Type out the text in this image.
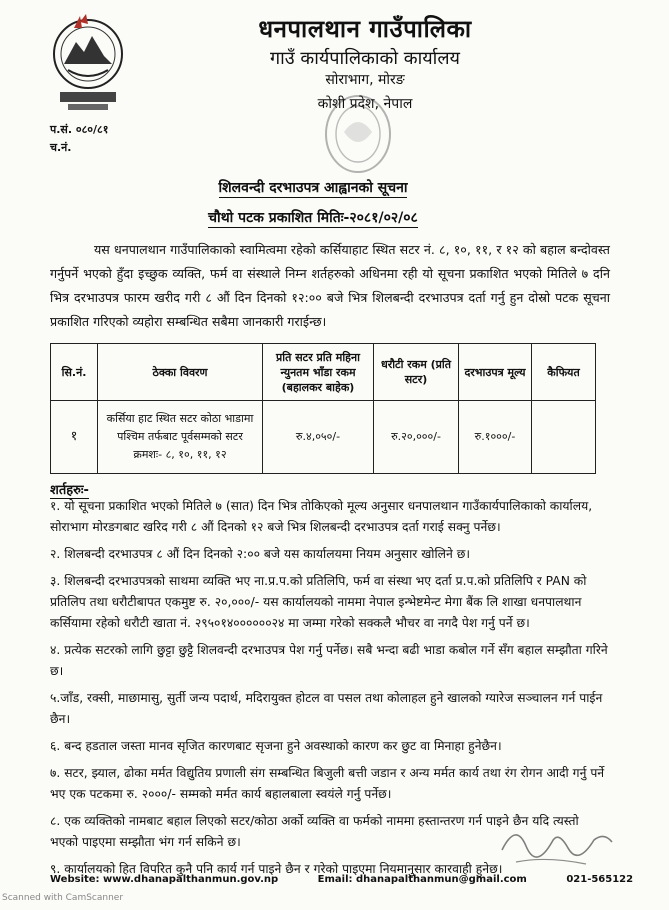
धनपालथान गाउँपालिका
गाउँ कार्यपालिकाको कार्यालय
सोराभाग, मोरङ
कोशी प्रदेश, नेपाल
प.सं. ०८०/८१
च.नं.
शिलवन्दी दरभाउपत्र आह्वानको सूचना
चौथो पटक प्रकाशित मितिः-२०८१/०२/०८
यस धनपालथान गाउँपालिकाको स्वामित्वमा रहेको कर्सियाहाट स्थित सटर नं. ८, १०, ११, र १२ को बहाल बन्दोवस्त गर्नुपर्ने भएको हुँदा इच्छुक व्यक्ति, फर्म वा संस्थाले निम्न शर्तहरुको अधिनमा रही यो सूचना प्रकाशित भएको मितिले ७ दनि भित्र दरभाउपत्र फारम खरीद गरी ८ औं दिन दिनको १२:०० बजे भित्र शिलबन्दी दरभाउपत्र दर्ता गर्नु हुन दोस्रो पटक सूचना प्रकाशित गरिएको व्यहोरा सम्बन्धित सबैमा जानकारी गराईन्छ।
सि.नं.	ठेक्का विवरण	प्रति सटर प्रति महिना न्युनतम भाँडा रकम (बहालकर बाहेक)	धरौटी रकम (प्रति सटर)	दरभाउपत्र मूल्य	कैफियत
१	कर्सिया हाट स्थित सटर कोठा भाडामा पश्चिम तर्फबाट पूर्वसम्मको सटर क्रमशः- ८, १०, ११, १२	रु.४,०५०/-	रु.२०,०००/-	रु.१०००/-	
शर्तहरुः-
१. यो सूचना प्रकाशित भएको मितिले ७ (सात) दिन भित्र तोकिएको मूल्य अनुसार धनपालथान गाउँकार्यपालिकाको कार्यालय, सोराभाग मोरङगबाट खरिद गरी ८ औं दिनको १२ बजे भित्र शिलबन्दी दरभाउपत्र दर्ता गराई सक्नु पर्नेछ।
२. शिलबन्दी दरभाउपत्र ८ औं दिन दिनको २:०० बजे यस कार्यालयमा नियम अनुसार खोलिने छ।
३. शिलबन्दी दरभाउपत्रको साथमा व्यक्ति भए ना.प्र.प.को प्रतिलिपि, फर्म वा संस्था भए दर्ता प्र.प.को प्रतिलिपि र PAN को प्रतिलिप तथा धरौटीबापत एकमुष्ट रु. २०,०००/- यस कार्यालयको नाममा नेपाल इन्भेष्टमेन्ट मेगा बैंक लि शाखा धनपालथान कर्सियामा रहेको धरौटी खाता नं. २९५०१४००००००२४ मा जम्मा गरेको सक्कलै भौचर वा नगदै पेश गर्नु पर्ने छ।
४. प्रत्येक सटरको लागि छुट्टा छुट्टै शिलवन्दी दरभाउपत्र पेश गर्नु पर्नेछ। सबै भन्दा बढी भाडा कबोल गर्ने सँग बहाल सम्झौता गरिने छ।
५.जाँड, रक्सी, माछामासु, सुर्ती जन्य पदार्थ, मदिरायुक्त होटल वा पसल तथा कोलाहल हुने खालको ग्यारेज सञ्चालन गर्न पाईन छैन।
६. बन्द हडताल जस्ता मानव सृजित कारणबाट सृजना हुने अवस्थाको कारण कर छुट वा मिनाहा हुनेछैन।
७. सटर, झ्याल, ढोका मर्मत विद्युतिय प्रणाली संग सम्बन्धित बिजुली बत्ती जडान र अन्य मर्मत कार्य तथा रंग रोगन आदी गर्नु पर्ने भए एक पटकमा रु. २०००/- सम्मको मर्मत कार्य बहालबाला स्वयंले गर्नु पर्नेछ।
८. एक व्यक्तिको नामबाट बहाल लिएको सटर/कोठा अर्को व्यक्ति वा फर्मको नाममा हस्तान्तरण गर्न पाइने छैन यदि त्यस्तो भएको पाइएमा सम्झौता भंग गर्न सकिने छ।
९. कार्यालयको हित विपरित कुनै पनि कार्य गर्न पाइने छैन र गरेको पाइएमा नियमानुसार कारवाही हुनेछ।
Website: www.dhanapalthanmun.gov.np	Email: dhanapalthanmun@gmail.com	021-565122
Scanned with CamScanner
